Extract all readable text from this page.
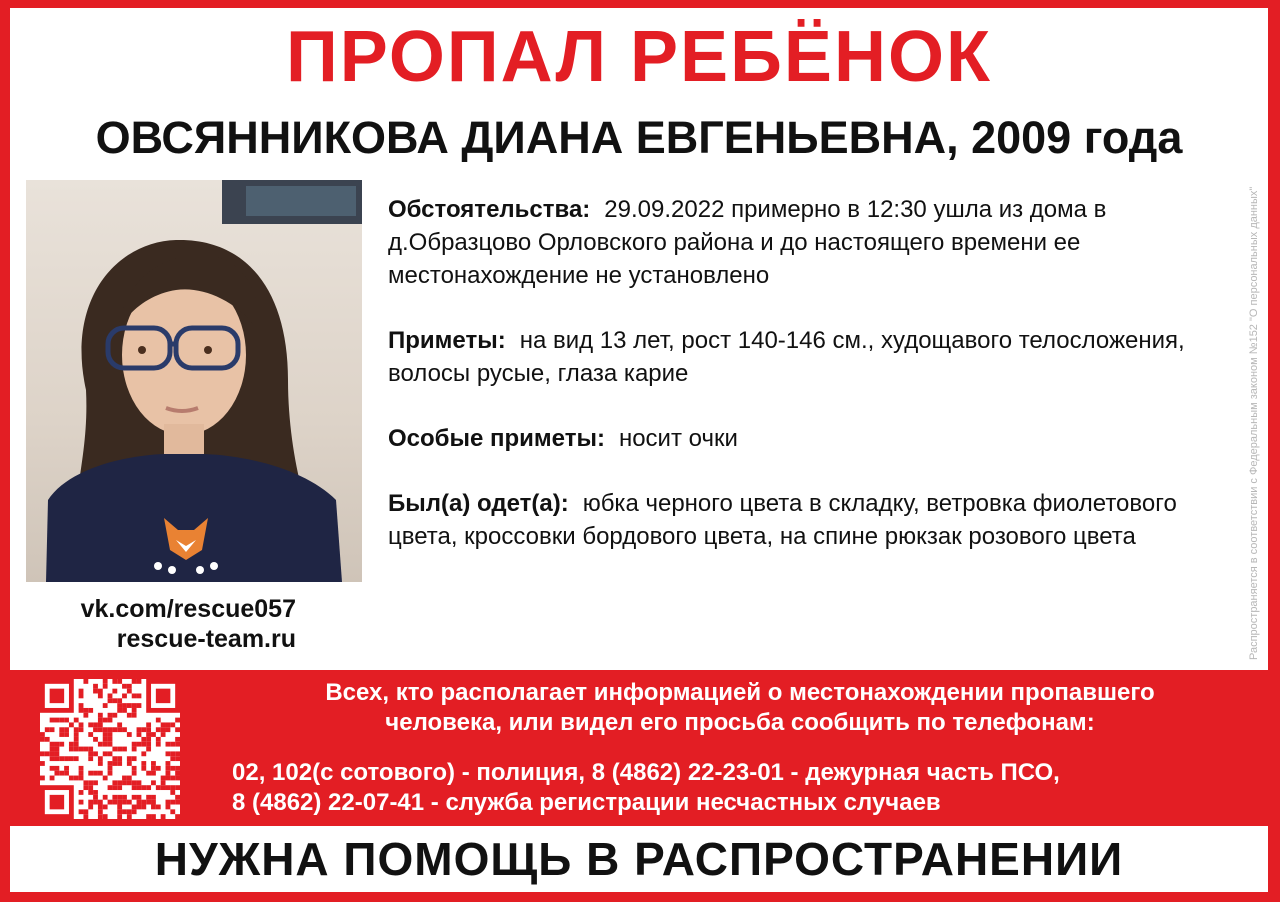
ПРОПАЛ РЕБЁНОК
ОВСЯННИКОВА ДИАНА ЕВГЕНЬЕВНА, 2009 года
vk.com/rescue057
rescue-team.ru

Обстоятельства: 29.09.2022 примерно в 12:30 ушла из дома в д.Образцово Орловского района и до настоящего времени ее местонахождение не установлено

Приметы: на вид 13 лет, рост 140-146 см., худощавого телосложения, волосы русые, глаза карие

Особые приметы: носит очки

Был(а) одет(а): юбка черного цвета в складку, ветровка фиолетового цвета, кроссовки бордового цвета, на спине рюкзак розового цвета	Распространяется в соответствии с Федеральным законом №152 "О персональных данных"
Всех, кто располагает информацией о местонахождении пропавшего
человека, или видел его просьба сообщить по телефонам:
02, 102(с сотового) - полиция, 8 (4862) 22-23-01 - дежурная часть ПСО,
8 (4862) 22-07-41 - служба регистрации несчастных случаев
НУЖНА ПОМОЩЬ В РАСПРОСТРАНЕНИИ
